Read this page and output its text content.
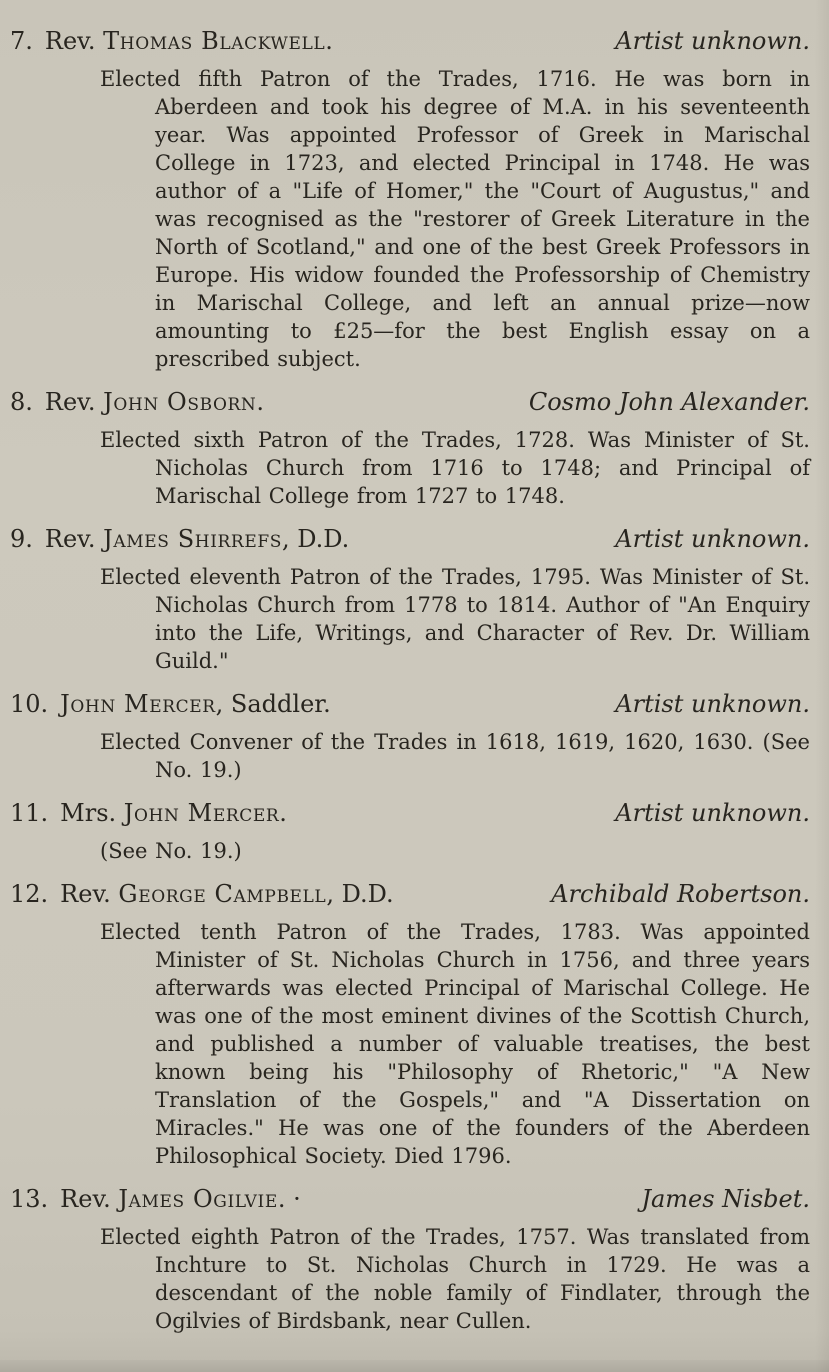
7. Rev. Thomas Blackwell.	Artist unknown.

Elected fifth Patron of the Trades, 1716. He was born in Aberdeen and took his degree of M.A. in his seventeenth year. Was appointed Professor of Greek in Marischal College in 1723, and elected Principal in 1748. He was author of a "Life of Homer," the "Court of Augustus," and was recognised as the "restorer of Greek Literature in the North of Scotland," and one of the best Greek Professors in Europe. His widow founded the Professorship of Chemistry in Marischal College, and left an annual prize—now amounting to £25—for the best English essay on a prescribed subject.

8. Rev. John Osborn.	Cosmo John Alexander.

Elected sixth Patron of the Trades, 1728. Was Minister of St. Nicholas Church from 1716 to 1748; and Principal of Marischal College from 1727 to 1748.

9. Rev. James Shirrefs, D.D.	Artist unknown.

Elected eleventh Patron of the Trades, 1795. Was Minister of St. Nicholas Church from 1778 to 1814. Author of "An Enquiry into the Life, Writings, and Character of Rev. Dr. William Guild."

10. John Mercer, Saddler.	Artist unknown.

Elected Convener of the Trades in 1618, 1619, 1620, 1630. (See No. 19.)

11. Mrs. John Mercer.	Artist unknown.

(See No. 19.)

12. Rev. George Campbell, D.D.	Archibald Robertson.

Elected tenth Patron of the Trades, 1783. Was appointed Minister of St. Nicholas Church in 1756, and three years afterwards was elected Principal of Marischal College. He was one of the most eminent divines of the Scottish Church, and published a number of valuable treatises, the best known being his "Philosophy of Rhetoric," "A New Translation of the Gospels," and "A Dissertation on Miracles." He was one of the founders of the Aberdeen Philosophical Society. Died 1796.

13. Rev. James Ogilvie. ·	James Nisbet.

Elected eighth Patron of the Trades, 1757. Was translated from Inchture to St. Nicholas Church in 1729. He was a descendant of the noble family of Findlater, through the Ogilvies of Birdsbank, near Cullen.
